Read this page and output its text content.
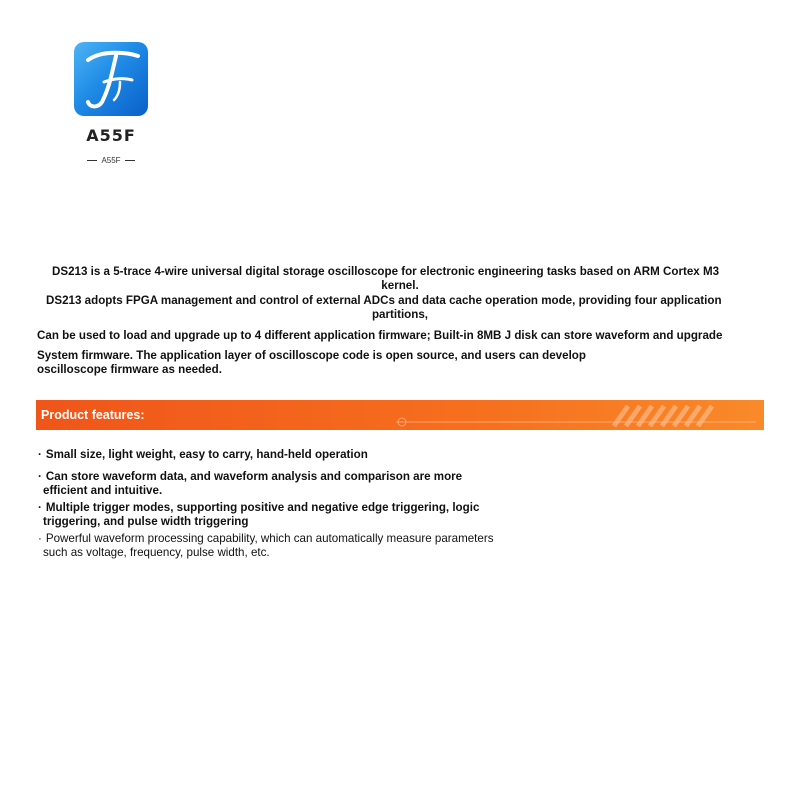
A55F
A55F
DS213 is a 5-trace 4-wire universal digital storage oscilloscope for electronic engineering tasks based on ARM Cortex M3
kernel.
DS213 adopts FPGA management and control of external ADCs and data cache operation mode, providing four application
partitions,
Can be used to load and upgrade up to 4 different application firmware; Built-in 8MB J disk can store waveform and upgrade
System firmware. The application layer of oscilloscope code is open source, and users can develop
oscilloscope firmware as needed.
Product features:
· Small size, light weight, easy to carry, hand-held operation
· Can store waveform data, and waveform analysis and comparison are more
efficient and intuitive.
· Multiple trigger modes, supporting positive and negative edge triggering, logic
triggering, and pulse width triggering
· Powerful waveform processing capability, which can automatically measure parameters
such as voltage, frequency, pulse width, etc.
